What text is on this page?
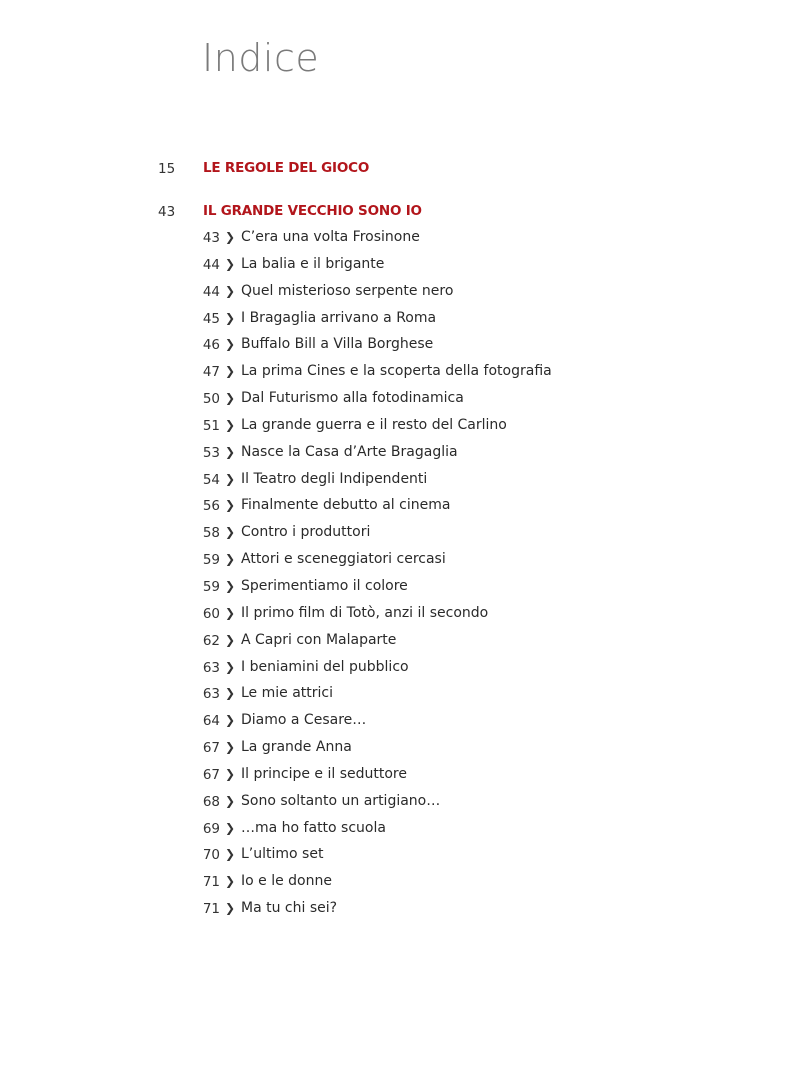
Indice
15 LE REGOLE DEL GIOCO
43 IL GRANDE VECCHIO SONO IO
43 ❯ C’era una volta Frosinone
44 ❯ La balia e il brigante
44 ❯ Quel misterioso serpente nero
45 ❯ I Bragaglia arrivano a Roma
46 ❯ Buffalo Bill a Villa Borghese
47 ❯ La prima Cines e la scoperta della fotografia
50 ❯ Dal Futurismo alla fotodinamica
51 ❯ La grande guerra e il resto del Carlino
53 ❯ Nasce la Casa d’Arte Bragaglia
54 ❯ Il Teatro degli Indipendenti
56 ❯ Finalmente debutto al cinema
58 ❯ Contro i produttori
59 ❯ Attori e sceneggiatori cercasi
59 ❯ Sperimentiamo il colore
60 ❯ Il primo film di Totò, anzi il secondo
62 ❯ A Capri con Malaparte
63 ❯ I beniamini del pubblico
63 ❯ Le mie attrici
64 ❯ Diamo a Cesare…
67 ❯ La grande Anna
67 ❯ Il principe e il seduttore
68 ❯ Sono soltanto un artigiano…
69 ❯ …ma ho fatto scuola
70 ❯ L’ultimo set
71 ❯ Io e le donne
71 ❯ Ma tu chi sei?
